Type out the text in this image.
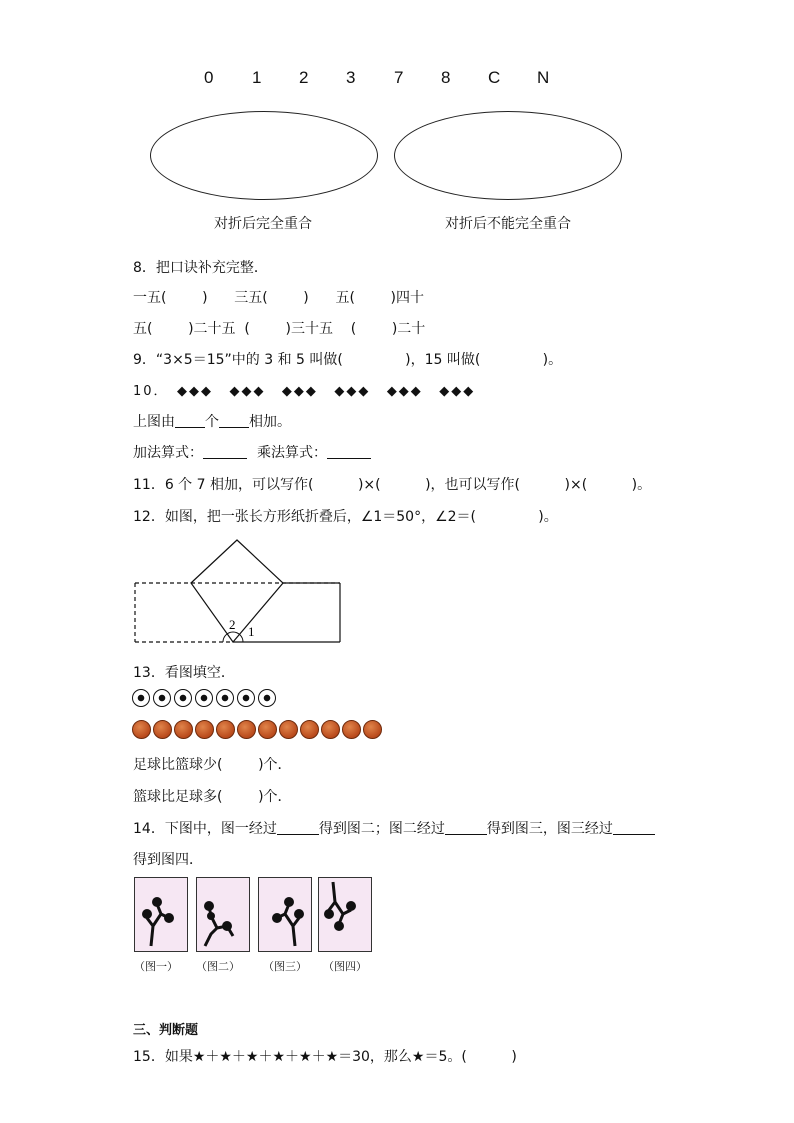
0 1 2 3 7 8 C N
对折后完全重合	对折后不能完全重合
8．把口诀补充完整．
一五(        )      三五(        )      五(        )四十
五(        )二十五  (        )三十五    (        )二十
9．“3×5＝15”中的 3 和 5 叫做(              )，15 叫做(              )。
10． ◆◆◆ ◆◆◆ ◆◆◆ ◆◆◆ ◆◆◆ ◆◆◆
上图由 个 相加。
加法算式：	乘法算式：
11．6 个 7 相加，可以写作(          )×(          )，也可以写作(          )×(          )。
12．如图，把一张长方形纸折叠后，∠1＝50°，∠2＝(              )。
2 1
13．看图填空．
足球比篮球少(        )个．
篮球比足球多(        )个．
14．下图中，图一经过	得到图二；图二经过	得到图三，图三经过
得到图四．
（图一） （图二） （图三） （图四）
三、判断题
15．如果★＋★＋★＋★＋★＋★＝30，那么★＝5。(          )
